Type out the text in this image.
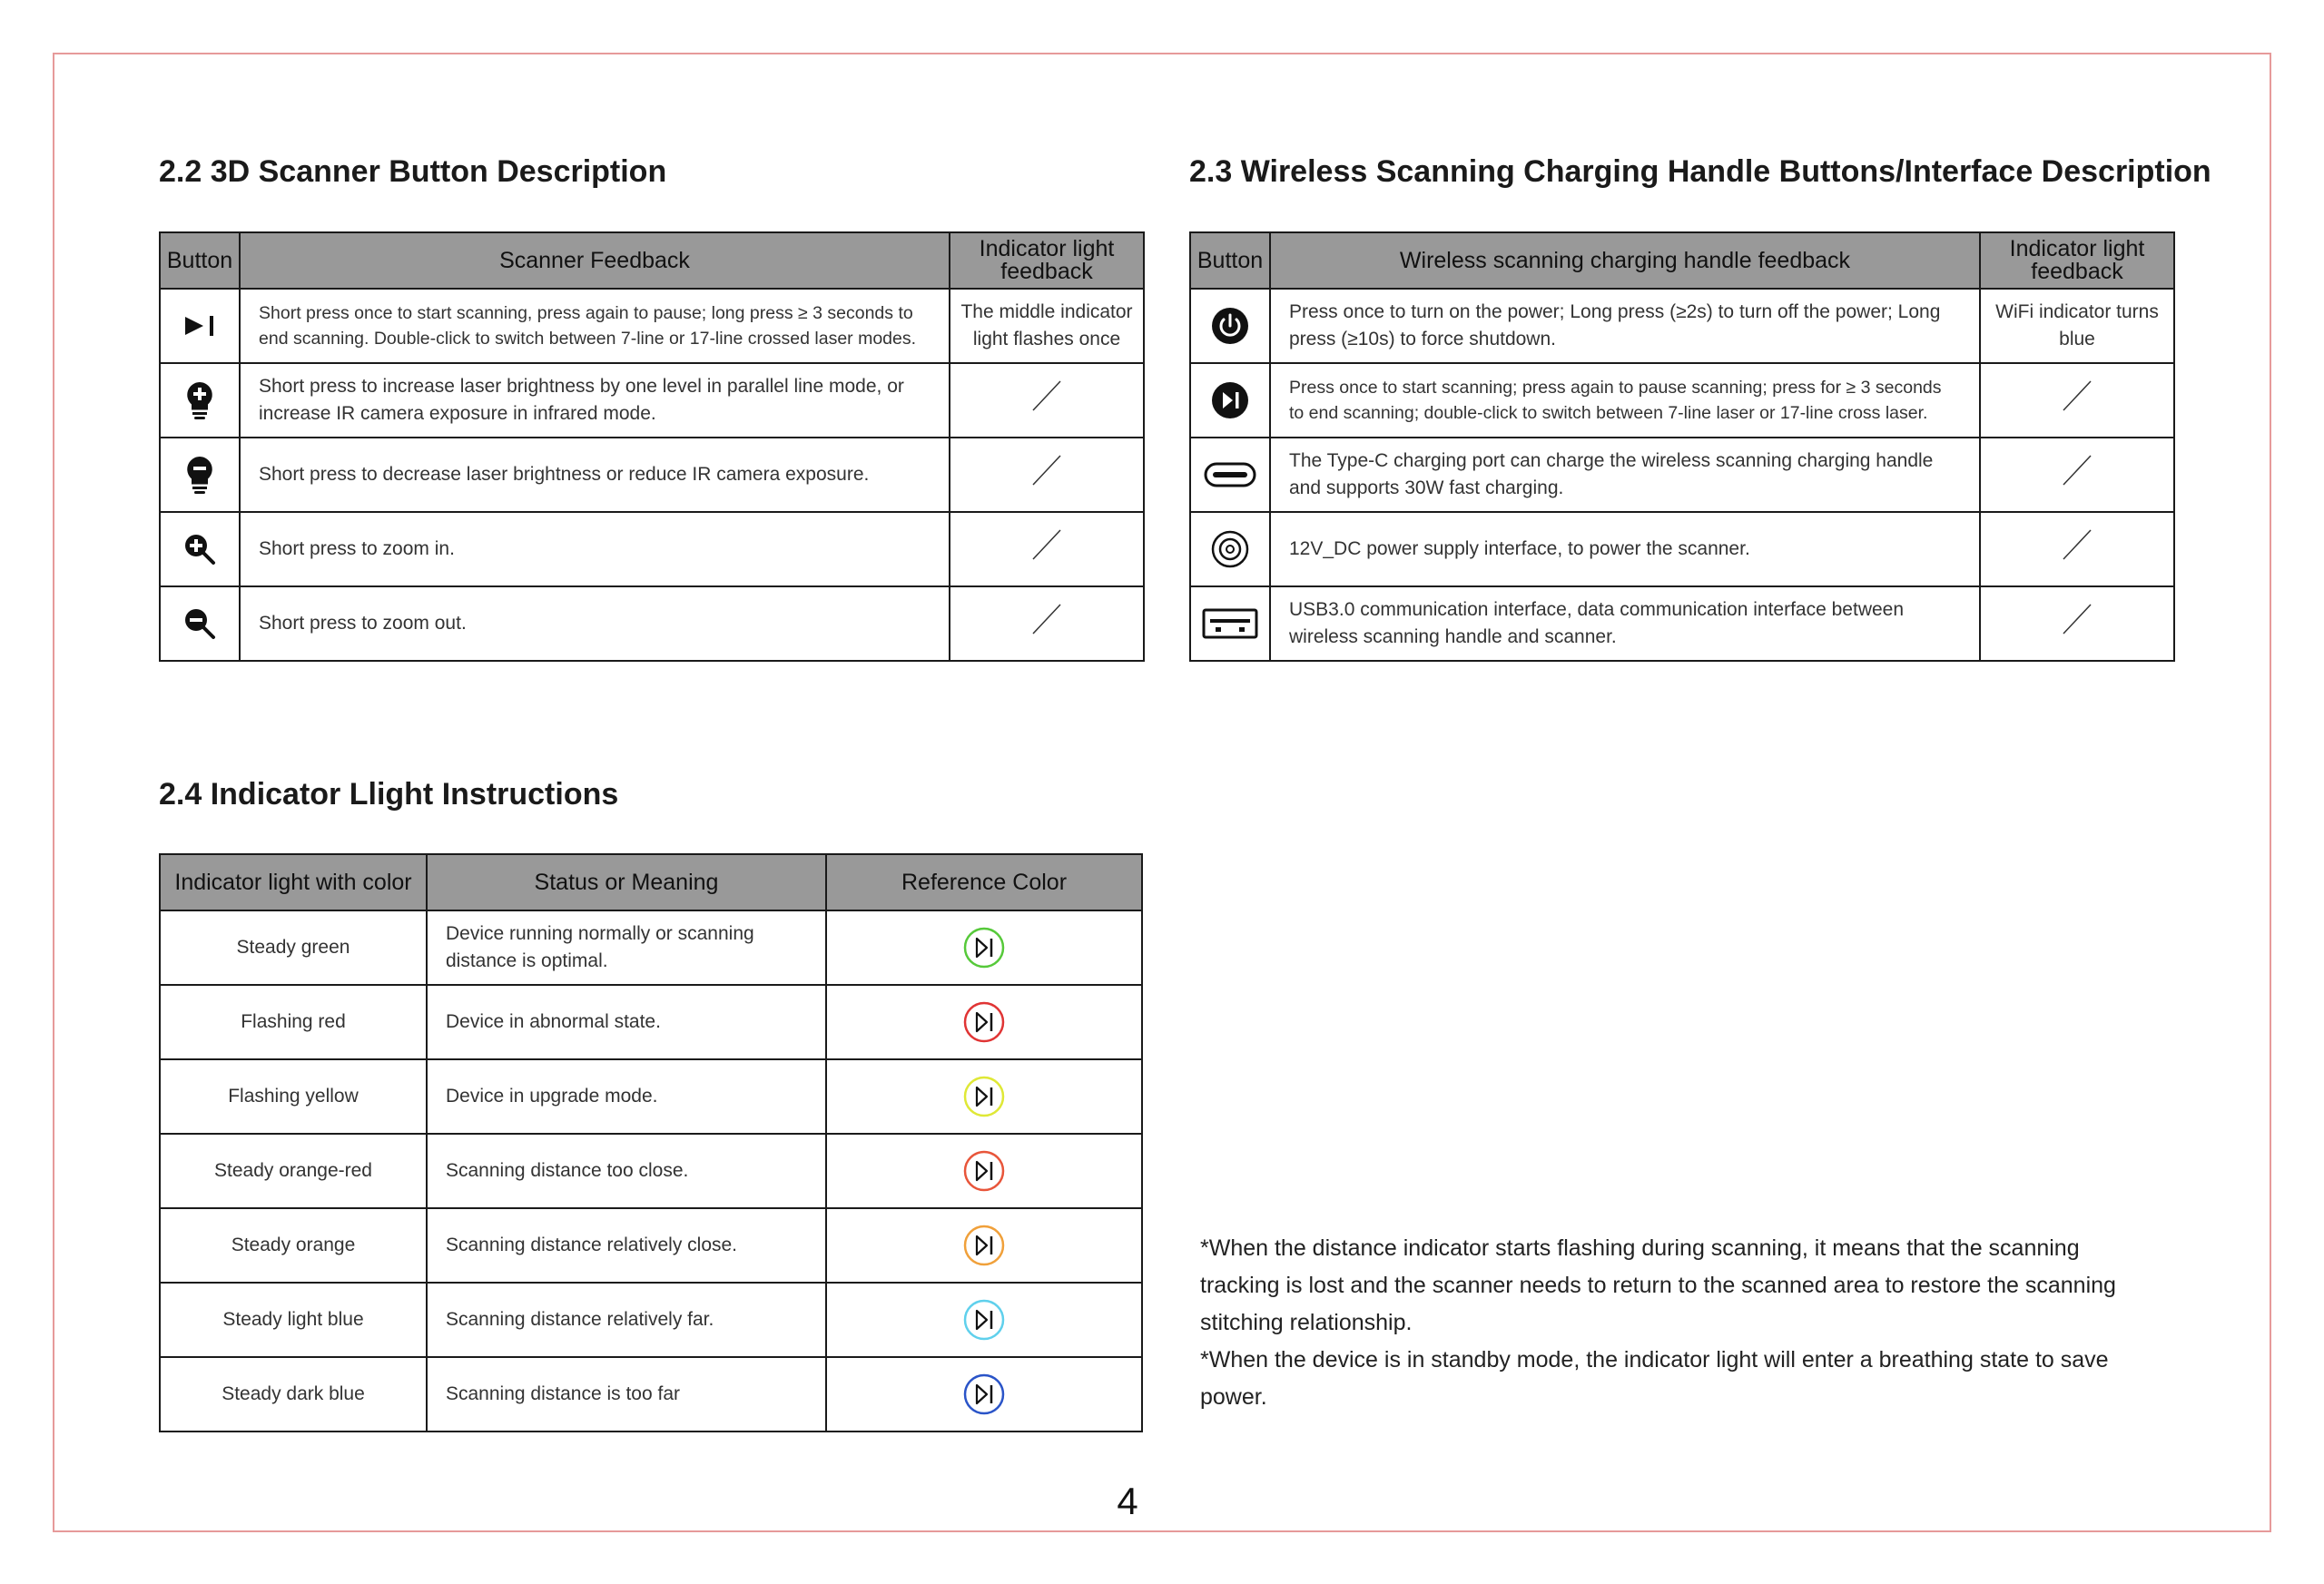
2.2 3D Scanner Button Description
Button	Scanner Feedback	Indicator light feedback

	Short press once to start scanning, press again to pause; long press ≥ 3 seconds to end scanning. Double-click to switch between 7-line or 17-line crossed laser modes.	The middle indicator light flashes once

	Short press to increase laser brightness by one level in parallel line mode, or increase IR camera exposure in infrared mode.	

	Short press to decrease laser brightness or reduce IR camera exposure.	

	Short press to zoom in.	

	Short press to zoom out.	
2.3 Wireless Scanning Charging Handle Buttons/Interface Description
Button	Wireless scanning charging handle feedback	Indicator light feedback

	Press once to turn on the power; Long press (≥2s) to turn off the power; Long press (≥10s) to force shutdown.	WiFi indicator turns blue

	Press once to start scanning; press again to pause scanning; press for ≥ 3 seconds to end scanning; double-click to switch between 7-line laser or 17-line cross laser.	

	The Type-C charging port can charge the wireless scanning charging handle and supports 30W fast charging.	

	12V_DC power supply interface, to power the scanner.	

	USB3.0 communication interface, data communication interface between wireless scanning handle and scanner.	
2.4 Indicator Llight Instructions
Indicator light with color	Status or Meaning	Reference Color
Steady green	Device running normally or scanning distance is optimal.	

Flashing red	Device in abnormal state.	

Flashing yellow	Device in upgrade mode.	

Steady orange-red	Scanning distance too close.	

Steady orange	Scanning distance relatively close.	

Steady light blue	Scanning distance relatively far.	

Steady dark blue	Scanning distance is too far	

*When the distance indicator starts flashing during scanning, it means that the scanning tracking is lost and the scanner needs to return to the scanned area to restore the scanning stitching relationship.

*When the device is in standby mode, the indicator light will enter a breathing state to save power.

4
